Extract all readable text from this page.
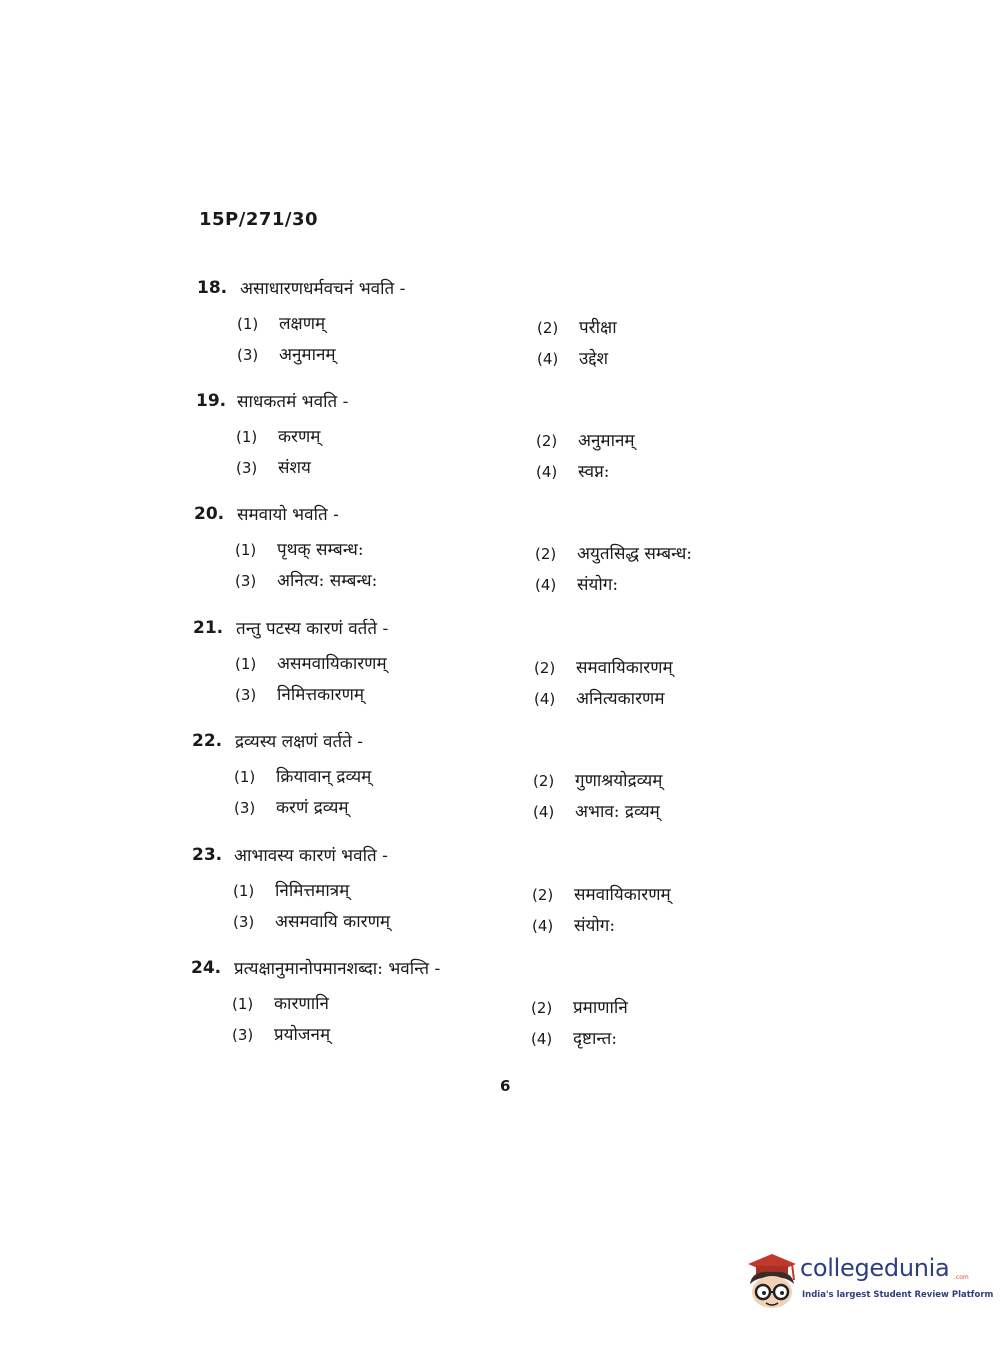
15P/271/30
18. असाधारणधर्मवचनं भवति -
(1) लक्षणम्	(2) परीक्षा
(3) अनुमानम्	(4) उद्देश
19. साधकतमं भवति -
(1) करणम्	(2) अनुमानम्
(3) संशय	(4) स्वप्न:
20. समवायो भवति -
(1) पृथक् सम्बन्ध:	(2) अयुतसिद्ध सम्बन्ध:
(3) अनित्य: सम्बन्ध:	(4) संयोग:
21. तन्तु पटस्य कारणं वर्तते -
(1) असमवायिकारणम्	(2) समवायिकारणम्
(3) निमित्तकारणम्	(4) अनित्यकारणम
22. द्रव्यस्य लक्षणं वर्तते -
(1) क्रियावान् द्रव्यम्	(2) गुणाश्रयोद्रव्यम्
(3) करणं द्रव्यम्	(4) अभाव: द्रव्यम्
23. आभावस्य कारणं भवति -
(1) निमित्तमात्रम्	(2) समवायिकारणम्
(3) असमवायि कारणम्	(4) संयोग:
24. प्रत्यक्षानुमानोपमानशब्दा: भवन्ति -
(1) कारणानि	(2) प्रमाणानि
(3) प्रयोजनम्	(4) दृष्टान्त:
6
collegedunia .com
India's largest Student Review Platform
